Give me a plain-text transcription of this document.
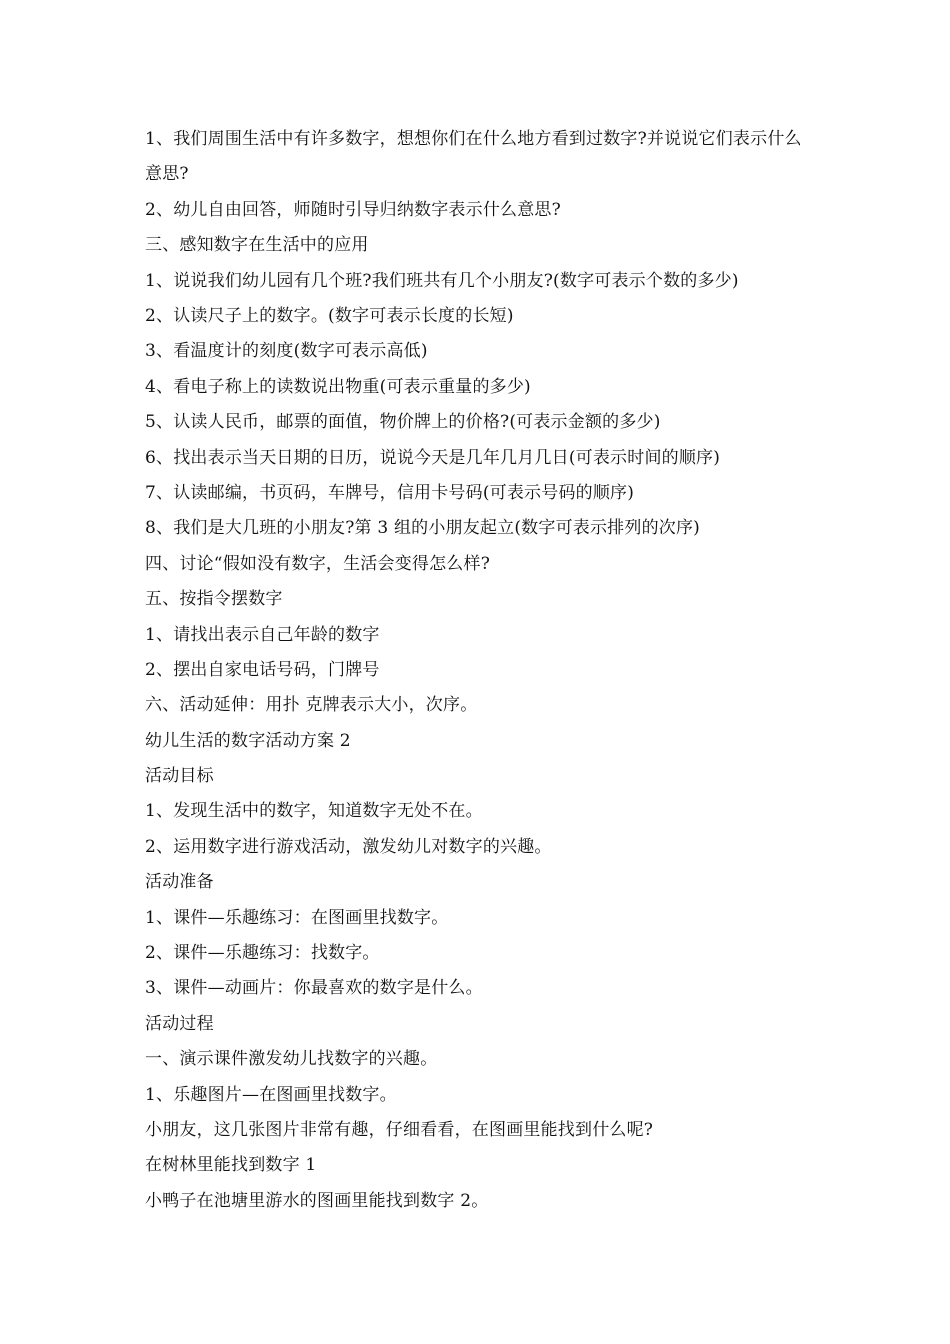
1、我们周围生活中有许多数字，想想你们在什么地方看到过数字?并说说它们表示什么意思?
2、幼儿自由回答，师随时引导归纳数字表示什么意思?
三、感知数字在生活中的应用
1、说说我们幼儿园有几个班?我们班共有几个小朋友?(数字可表示个数的多少)
2、认读尺子上的数字。(数字可表示长度的长短)
3、看温度计的刻度(数字可表示高低)
4、看电子称上的读数说出物重(可表示重量的多少)
5、认读人民币，邮票的面值，物价牌上的价格?(可表示金额的多少)
6、找出表示当天日期的日历，说说今天是几年几月几日(可表示时间的顺序)
7、认读邮编，书页码，车牌号，信用卡号码(可表示号码的顺序)
8、我们是大几班的小朋友?第 3 组的小朋友起立(数字可表示排列的次序)
四、讨论“假如没有数字，生活会变得怎么样?
五、按指令摆数字
1、请找出表示自己年龄的数字
2、摆出自家电话号码，门牌号
六、活动延伸：用扑 克牌表示大小，次序。
幼儿生活的数字活动方案 2
活动目标
1、发现生活中的数字，知道数字无处不在。
2、运用数字进行游戏活动，激发幼儿对数字的兴趣。
活动准备
1、课件—乐趣练习：在图画里找数字。
2、课件—乐趣练习：找数字。
3、课件—动画片：你最喜欢的数字是什么。
活动过程
一、演示课件激发幼儿找数字的兴趣。
1、乐趣图片—在图画里找数字。
小朋友，这几张图片非常有趣，仔细看看，在图画里能找到什么呢?
在树林里能找到数字 1
小鸭子在池塘里游水的图画里能找到数字 2。
